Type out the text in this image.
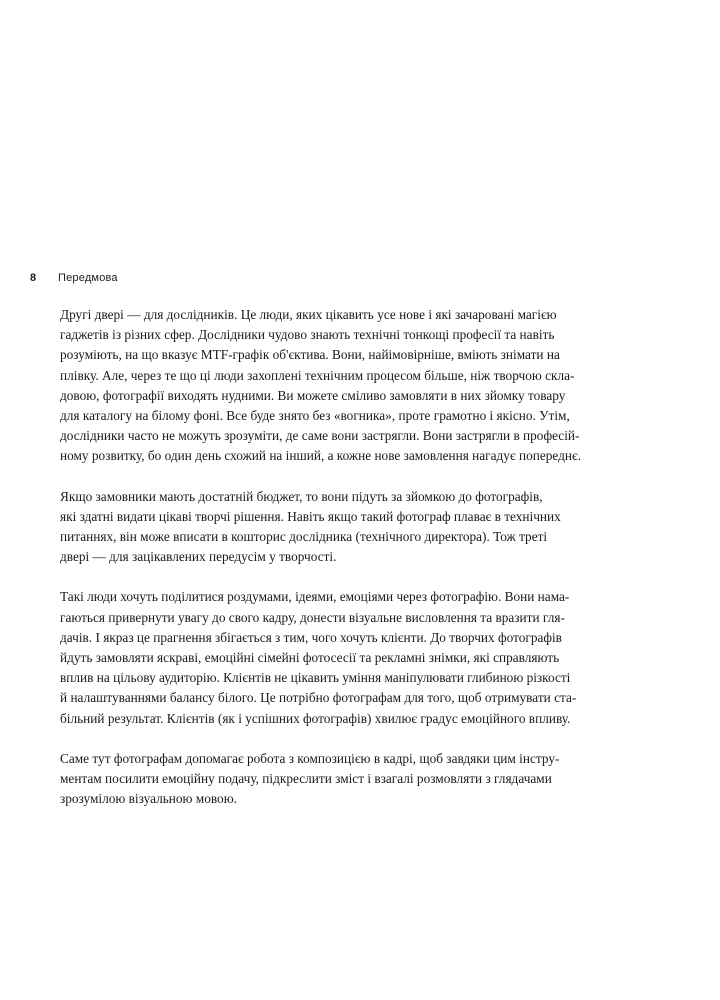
8	Передмова

Другі двері — для дослідників. Це люди, яких цікавить усе нове і які зачаровані магією
гаджетів із різних сфер. Дослідники чудово знають технічні тонкощі професії та навіть
розуміють, на що вказує MTF-графік об'єктива. Вони, найімовірніше, вміють знімати на
плівку. Але, через те що ці люди захоплені технічним процесом більше, ніж творчою скла-
довою, фотографії виходять нудними. Ви можете сміливо замовляти в них зйомку товару
для каталогу на білому фоні. Все буде знято без «вогника», проте грамотно і якісно. Утім,
дослідники часто не можуть зрозуміти, де саме вони застрягли. Вони застрягли в професій-
ному розвитку, бо один день схожий на інший, а кожне нове замовлення нагадує попереднє.

Якщо замовники мають достатній бюджет, то вони підуть за зйомкою до фотографів,
які здатні видати цікаві творчі рішення. Навіть якщо такий фотограф плаває в технічних
питаннях, він може вписати в кошторис дослідника (технічного директора). Тож треті
двері — для зацікавлених передусім у творчості.

Такі люди хочуть поділитися роздумами, ідеями, емоціями через фотографію. Вони нама-
гаються привернути увагу до свого кадру, донести візуальне висловлення та вразити гля-
дачів. І якраз це прагнення збігається з тим, чого хочуть клієнти. До творчих фотографів
йдуть замовляти яскраві, емоційні сімейні фотосесії та рекламні знімки, які справляють
вплив на цільову аудиторію. Клієнтів не цікавить уміння маніпулювати глибиною різкості
й налаштуваннями балансу білого. Це потрібно фотографам для того, щоб отримувати ста-
більний результат. Клієнтів (як і успішних фотографів) хвилює градус емоційного впливу.

Саме тут фотографам допомагає робота з композицією в кадрі, щоб завдяки цим інстру-
ментам посилити емоційну подачу, підкреслити зміст і взагалі розмовляти з глядачами
зрозумілою візуальною мовою.
